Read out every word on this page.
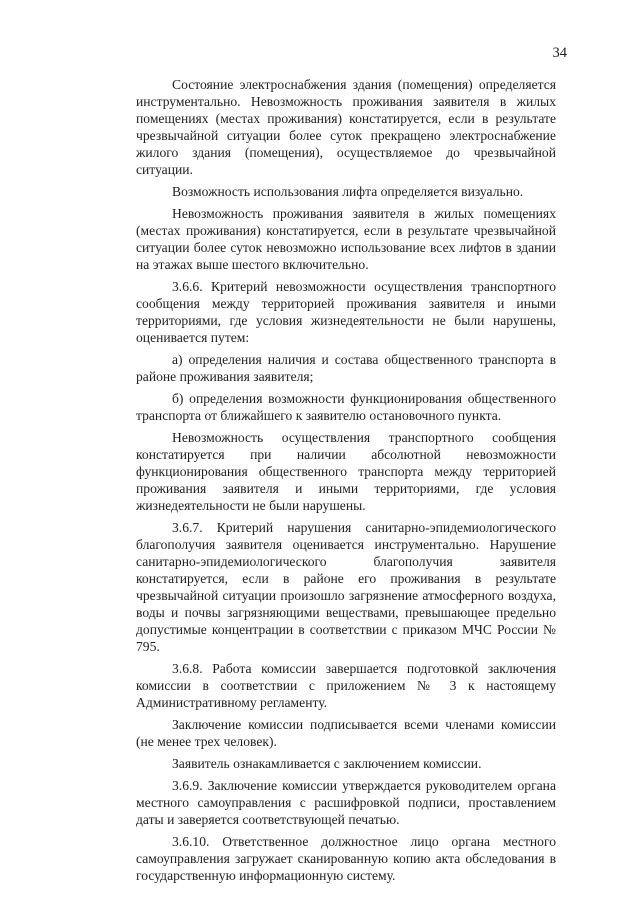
34

Состояние электроснабжения здания (помещения) определяется инструментально. Невозможность проживания заявителя в жилых помещениях (местах проживания) констатируется, если в результате чрезвычайной ситуации более суток прекращено электроснабжение жилого здания (помещения), осуществляемое до чрезвычайной ситуации.

Возможность использования лифта определяется визуально.

Невозможность проживания заявителя в жилых помещениях (местах проживания) констатируется, если в результате чрезвычайной ситуации более суток невозможно использование всех лифтов в здании на этажах выше шестого включительно.

3.6.6. Критерий невозможности осуществления транспортного сообщения между территорией проживания заявителя и иными территориями, где условия жизнедеятельности не были нарушены, оценивается путем:

а) определения наличия и состава общественного транспорта в районе проживания заявителя;

б) определения возможности функционирования общественного транспорта от ближайшего к заявителю остановочного пункта.

Невозможность осуществления транспортного сообщения констатируется при наличии абсолютной невозможности функционирования общественного транспорта между территорией проживания заявителя и иными территориями, где условия жизнедеятельности не были нарушены.

3.6.7. Критерий нарушения санитарно-эпидемиологического благополучия заявителя оценивается инструментально. Нарушение санитарно-эпидемиологического благополучия заявителя констатируется, если в районе его проживания в результате чрезвычайной ситуации произошло загрязнение атмосферного воздуха, воды и почвы загрязняющими веществами, превышающее предельно допустимые концентрации в соответствии с приказом МЧС России № 795.

3.6.8. Работа комиссии завершается подготовкой заключения комиссии в соответствии с приложением № 3 к настоящему Административному регламенту.

Заключение комиссии подписывается всеми членами комиссии (не менее трех человек).

Заявитель ознакамливается с заключением комиссии.

3.6.9. Заключение комиссии утверждается руководителем органа местного самоуправления с расшифровкой подписи, проставлением даты и заверяется соответствующей печатью.

3.6.10. Ответственное должностное лицо органа местного самоуправления загружает сканированную копию акта обследования в государственную информационную систему.
